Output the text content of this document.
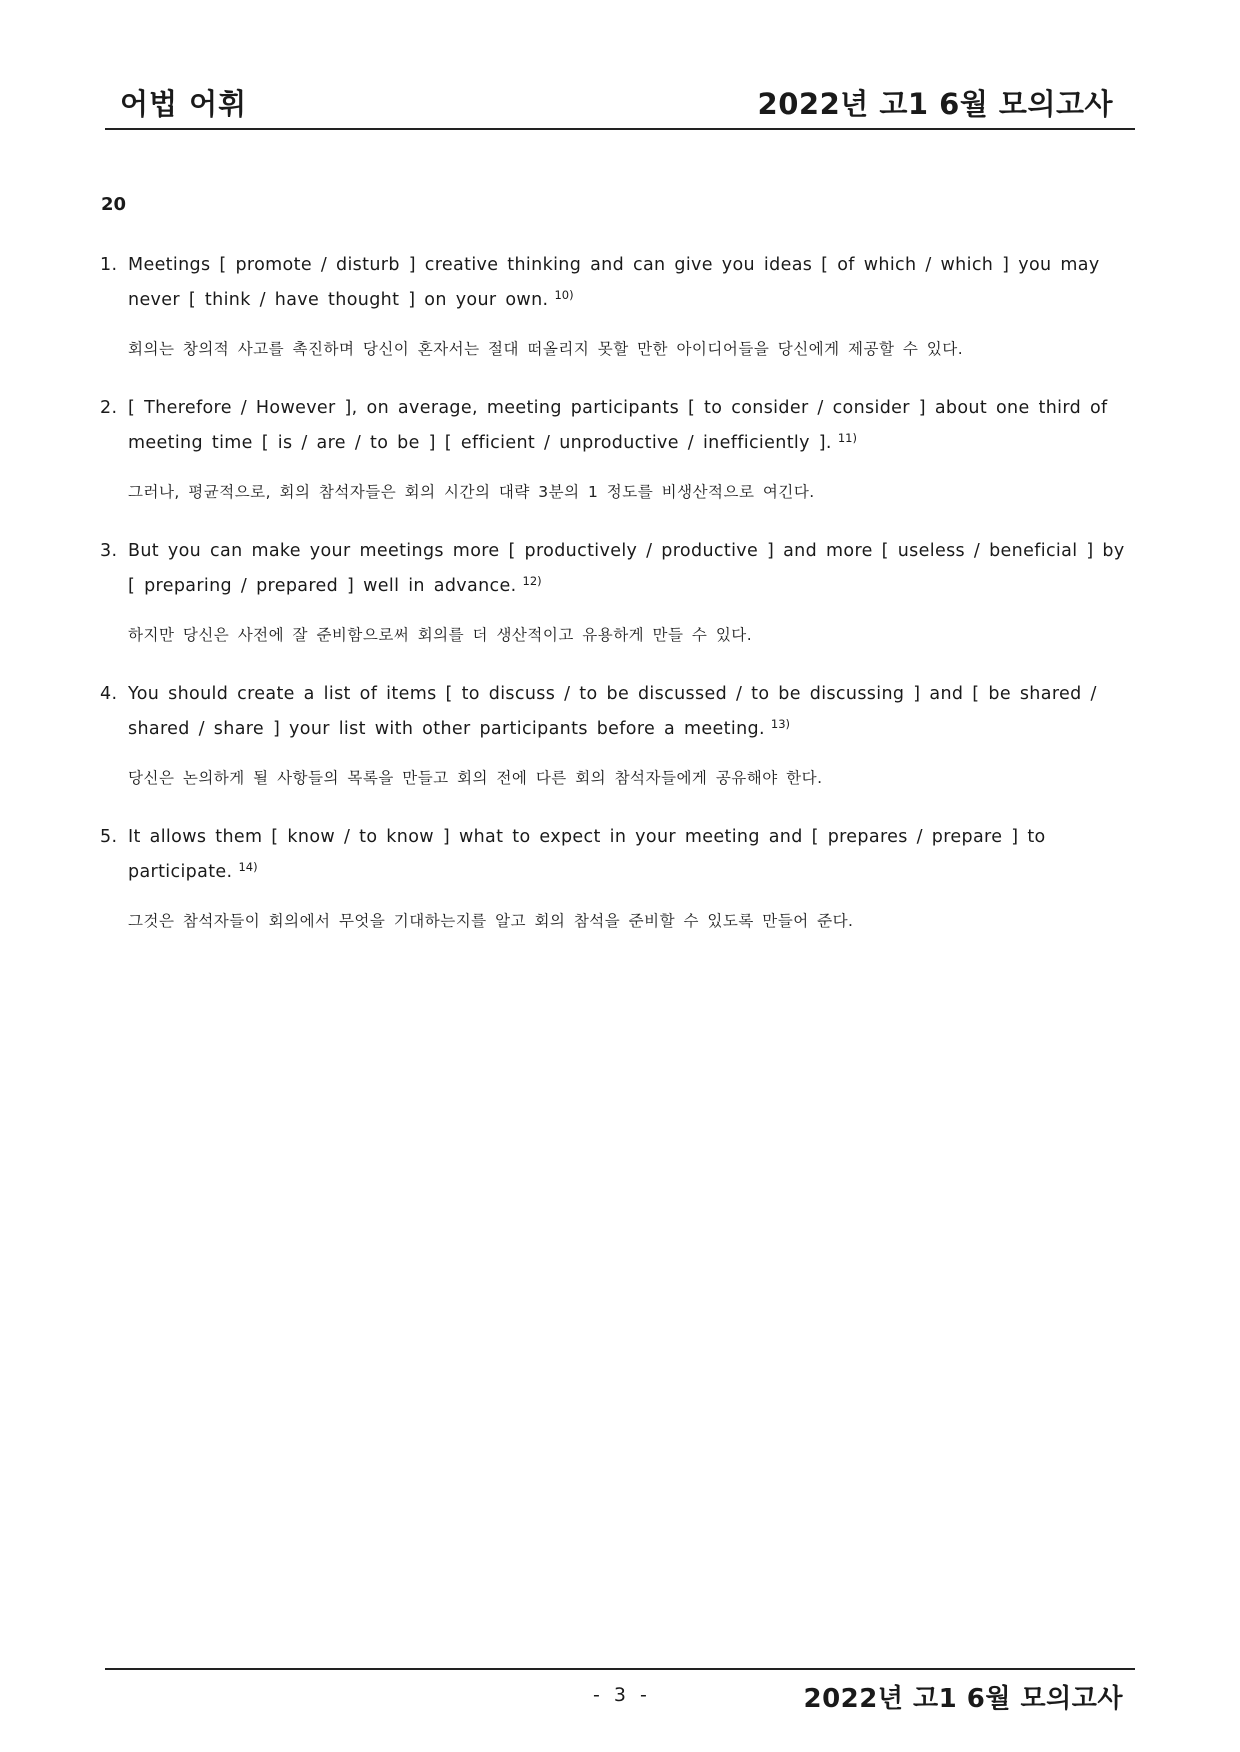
어법 어휘	2022년 고1 6월 모의고사
20
1. Meetings [ promote / disturb ] creative thinking and can give you ideas [ of which / which ] you may never [ think / have thought ] on your own. $^{10)}$
회의는 창의적 사고를 촉진하며 당신이 혼자서는 절대 떠올리지 못할 만한 아이디어들을 당신에게 제공할 수 있다.
2. [ Therefore / However ], on average, meeting participants [ to consider / consider ] about one third of meeting time [ is / are / to be ] [ efficient / unproductive / inefficiently ]. $^{11)}$
그러나, 평균적으로, 회의 참석자들은 회의 시간의 대략 3분의 1 정도를 비생산적으로 여긴다.
3. But you can make your meetings more [ productively / productive ] and more [ useless / beneficial ] by [ preparing / prepared ] well in advance. $^{12)}$
하지만 당신은 사전에 잘 준비함으로써 회의를 더 생산적이고 유용하게 만들 수 있다.
4. You should create a list of items [ to discuss / to be discussed / to be discussing ] and [ be shared / shared / share ] your list with other participants before a meeting. $^{13)}$
당신은 논의하게 될 사항들의 목록을 만들고 회의 전에 다른 회의 참석자들에게 공유해야 한다.
5. It allows them [ know / to know ] what to expect in your meeting and [ prepares / prepare ] to participate. $^{14)}$
그것은 참석자들이 회의에서 무엇을 기대하는지를 알고 회의 참석을 준비할 수 있도록 만들어 준다.
- 3 -	2022년 고1 6월 모의고사
